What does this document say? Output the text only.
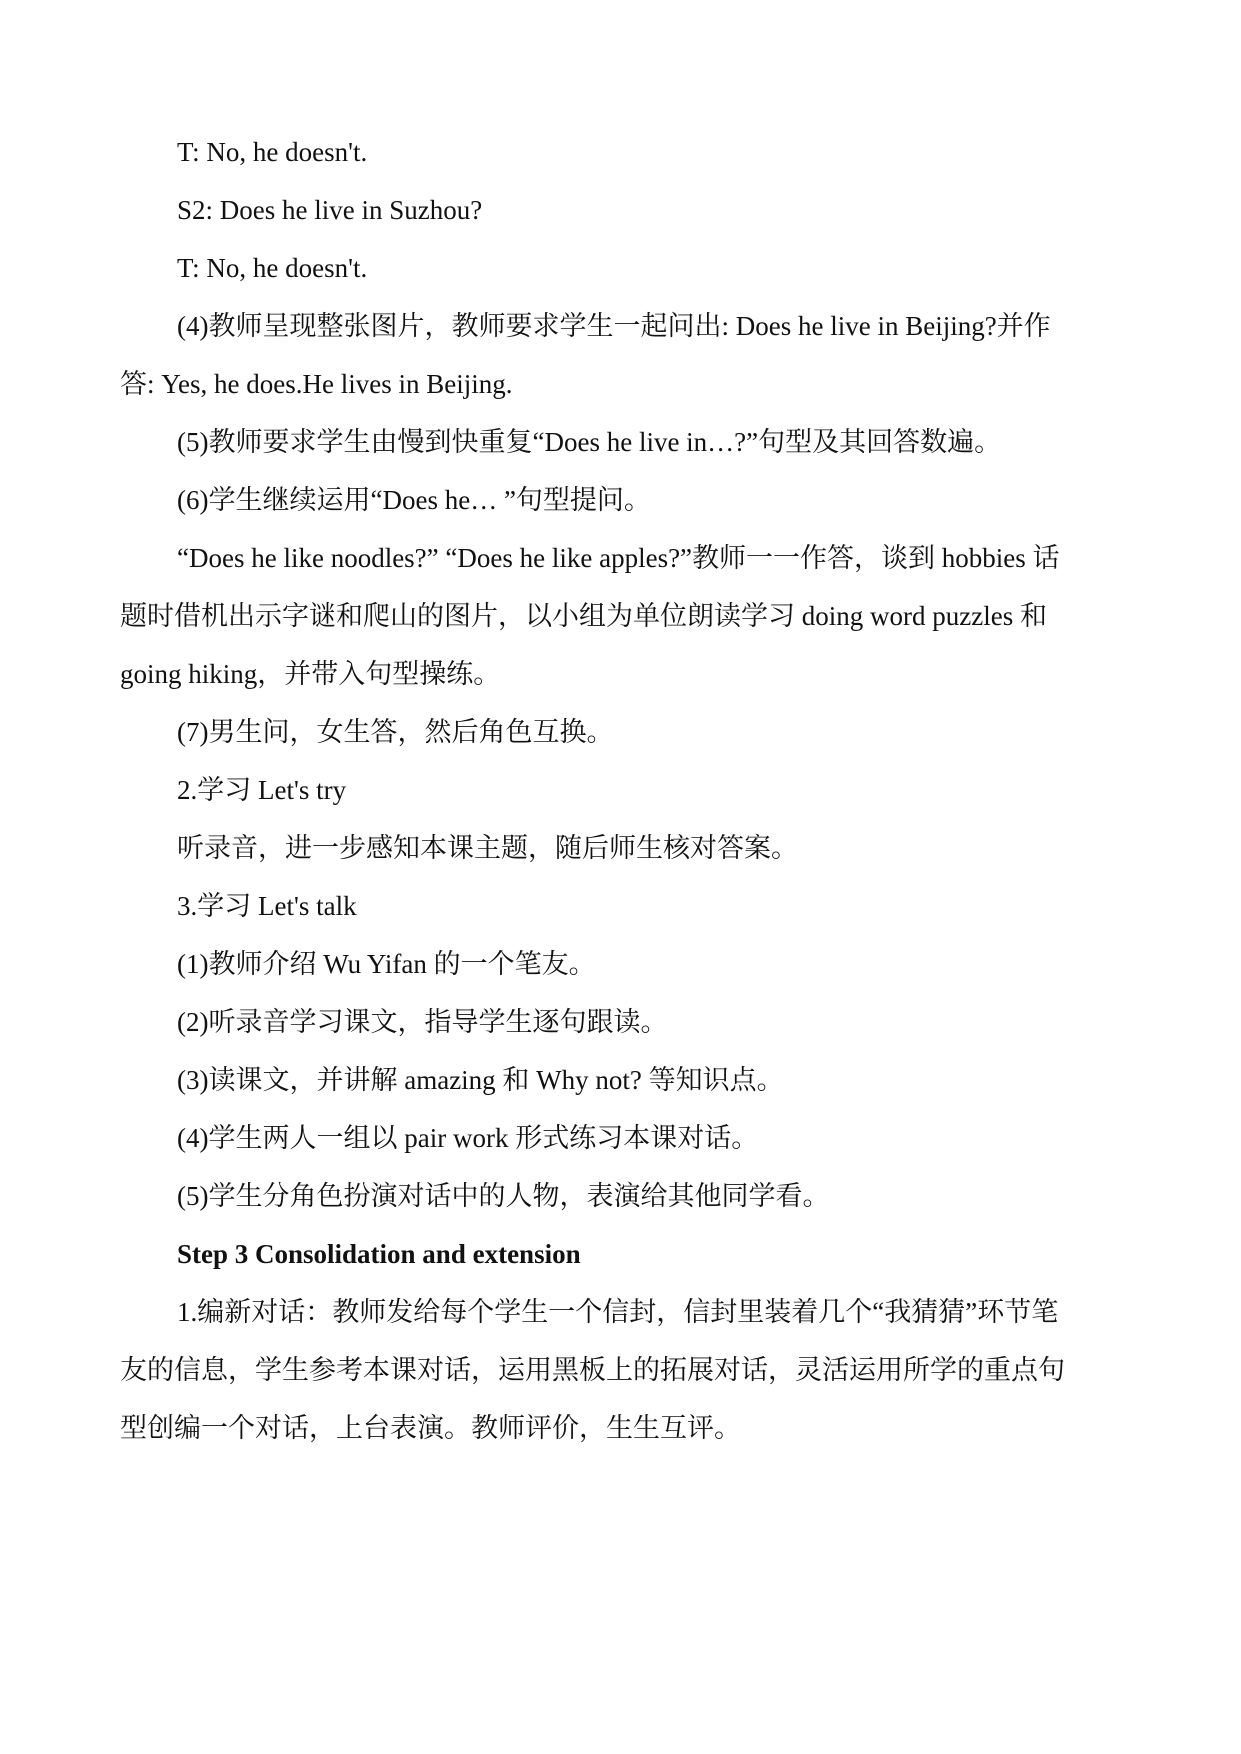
T: No, he doesn't.
S2: Does he live in Suzhou?
T: No, he doesn't.
(4)教师呈现整张图片，教师要求学生一起问出: Does he live in Beijing?并作
答: Yes, he does.He lives in Beijing.
(5)教师要求学生由慢到快重复“Does he live in…?”句型及其回答数遍。
(6)学生继续运用“Does he… ”句型提问。
“Does he like noodles?” “Does he like apples?”教师一一作答，谈到 hobbies 话
题时借机出示字谜和爬山的图片，以小组为单位朗读学习 doing word puzzles 和
going hiking，并带入句型操练。
(7)男生问，女生答，然后角色互换。
2.学习 Let's try
听录音，进一步感知本课主题，随后师生核对答案。
3.学习 Let's talk
(1)教师介绍 Wu Yifan 的一个笔友。
(2)听录音学习课文，指导学生逐句跟读。
(3)读课文，并讲解 amazing 和 Why not? 等知识点。
(4)学生两人一组以 pair work 形式练习本课对话。
(5)学生分角色扮演对话中的人物，表演给其他同学看。
Step 3 Consolidation and extension
1.编新对话：教师发给每个学生一个信封，信封里装着几个“我猜猜”环节笔
友的信息，学生参考本课对话，运用黑板上的拓展对话，灵活运用所学的重点句
型创编一个对话，上台表演。教师评价，生生互评。
